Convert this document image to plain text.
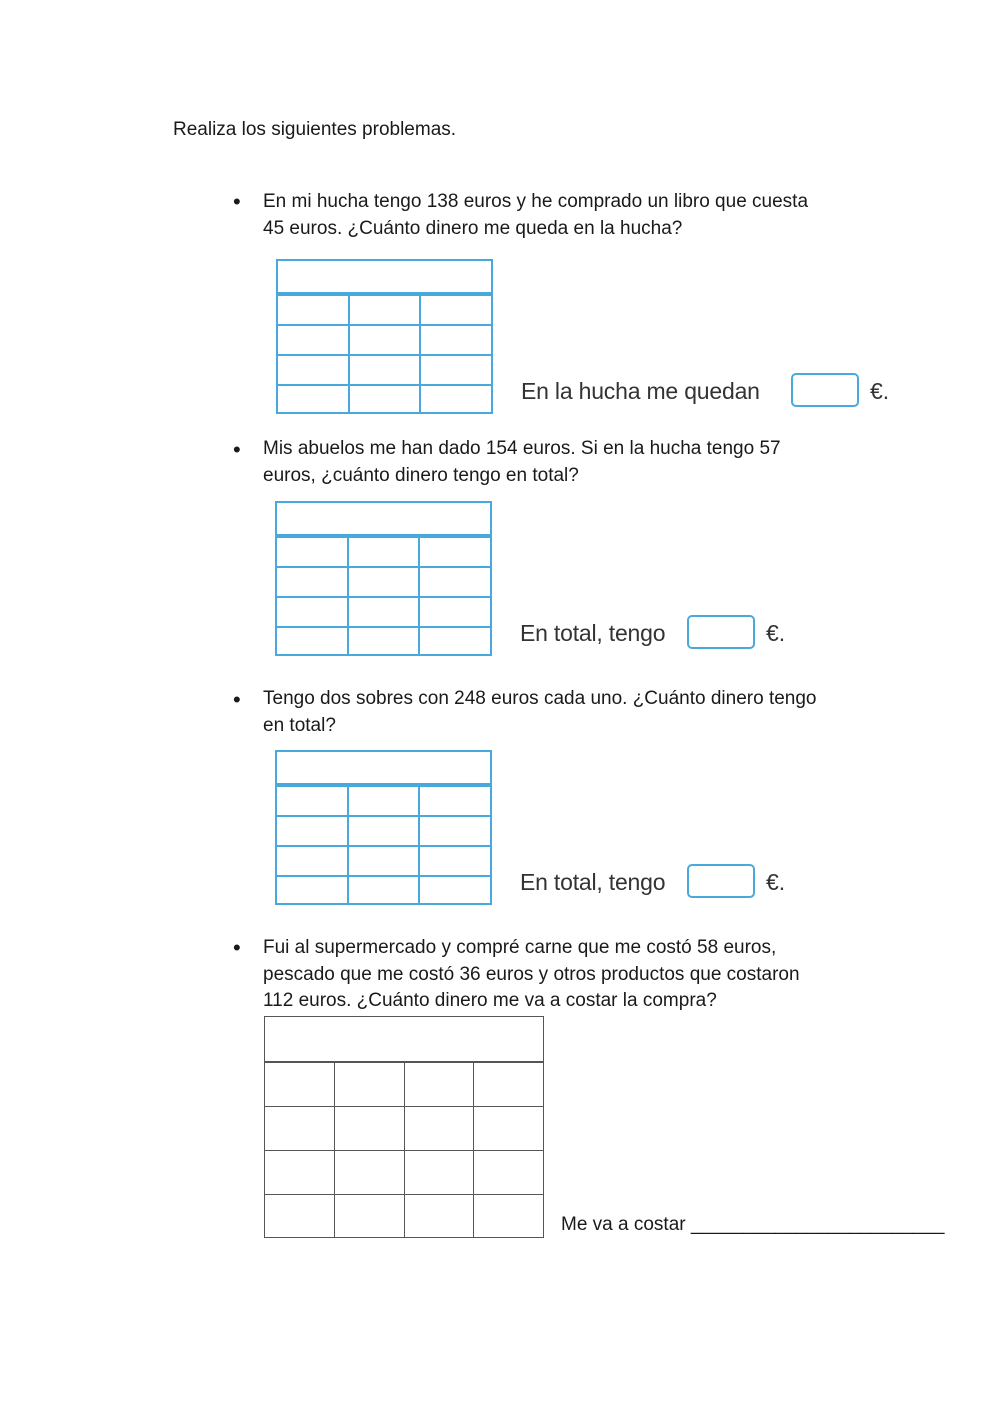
Realiza los siguientes problemas.
• En mi hucha tengo 138 euros y he comprado un libro que cuesta
45 euros. ¿Cuánto dinero me queda en la hucha?
En la hucha me quedan	€.
• Mis abuelos me han dado 154 euros. Si en la hucha tengo 57
euros, ¿cuánto dinero tengo en total?
En total, tengo	€.
• Tengo dos sobres con 248 euros cada uno. ¿Cuánto dinero tengo
en total?
En total, tengo	€.
• Fui al supermercado y compré carne que me costó 58 euros,
pescado que me costó 36 euros y otros productos que costaron
112 euros. ¿Cuánto dinero me va a costar la compra?
Me va a costar ________________________
